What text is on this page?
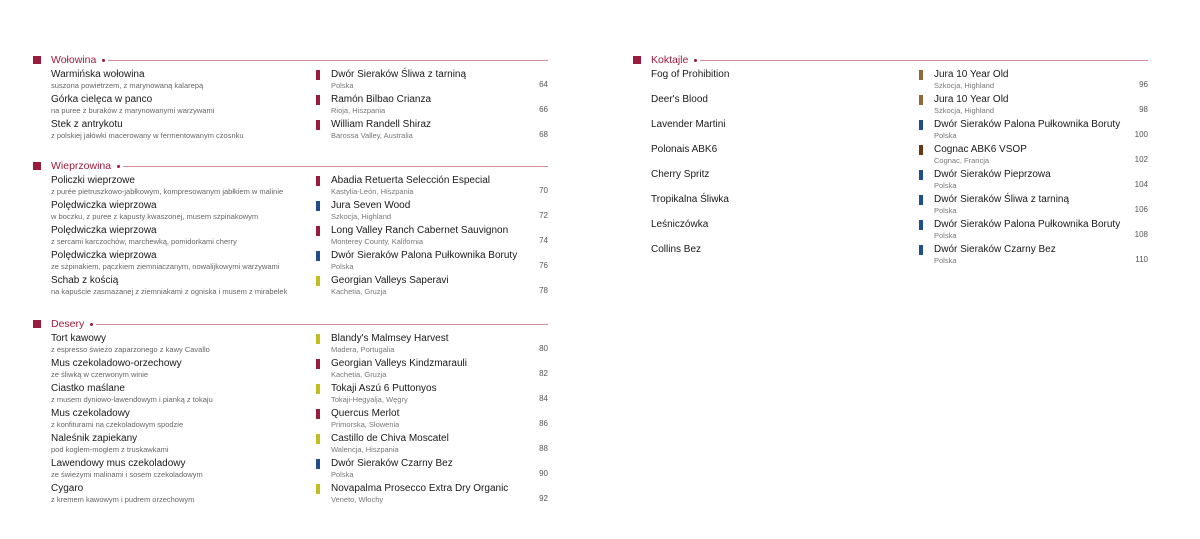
Wołowina
Warmińska wołowina
suszona powietrzem, z marynowaną kalarepą
Dwór Sieraków Śliwa z tarniną
Polska	64
Górka cielęca w panco
na puree z buraków z marynowanymi warzywami
Ramón Bilbao Crianza
Rioja, Hiszpania	66
Stek z antrykotu
z polskiej jałówki macerowany w fermentowanym czosnku
William Randell Shiraz
Barossa Valley, Australia	68
Wieprzowina
Policzki wieprzowe
z purée pietruszkowo-jabłkowym, kompresowanym jabłkiem w malinie
Abadia Retuerta Selección Especial
Kastylia-León, Hiszpania	70
Polędwiczka wieprzowa
w boczku, z puree z kapusty kwaszonej, musem szpinakowym
Jura Seven Wood
Szkocja, Highland	72
Polędwiczka wieprzowa
z sercami karczochów, marchewką, pomidorkami cherry
Long Valley Ranch Cabernet Sauvignon
Monterey County, Kalifornia	74
Polędwiczka wieprzowa
ze szpinakiem, pączkiem ziemniaczanym, nowalijkowymi warzywami
Dwór Sieraków Palona Pułkownika Boruty
Polska	76
Schab z kością
na kapuście zasmażanej z ziemniakami z ogniska i musem z mirabelek
Georgian Valleys Saperavi
Kachetia, Gruzja	78
Desery
Tort kawowy
z espresso świeżo zaparzonego z kawy Cavallo
Blandy's Malmsey Harvest
Madera, Portugalia	80
Mus czekoladowo-orzechowy
ze śliwką w czerwonym winie
Georgian Valleys Kindzmarauli
Kachetia, Gruzja	82
Ciastko maślane
z musem dyniowo-lawendowym i pianką z tokaju
Tokaji Aszú 6 Puttonyos
Tokaji-Hegyalja, Węgry	84
Mus czekoladowy
z konfiturami na czekoladowym spodzie
Quercus Merlot
Primorska, Słowenia	86
Naleśnik zapiekany
pod koglem-moglem z truskawkami
Castillo de Chiva Moscatel
Walencja, Hiszpania	88
Lawendowy mus czekoladowy
ze świeżymi malinami i sosem czekoladowym
Dwór Sieraków Czarny Bez
Polska	90
Cygaro
z kremem kawowym i pudrem orzechowym
Novapalma Prosecco Extra Dry Organic
Veneto, Włochy	92
Koktajle
Fog of Prohibition	Jura 10 Year Old
Szkocja, Highland	96
Deer's Blood	Jura 10 Year Old
Szkocja, Highland	98
Lavender Martini	Dwór Sieraków Palona Pułkownika Boruty
Polska	100
Polonais ABK6	Cognac ABK6 VSOP
Cognac, Francja	102
Cherry Spritz	Dwór Sieraków Pieprzowa
Polska	104
Tropikalna Śliwka	Dwór Sieraków Śliwa z tarniną
Polska	106
Leśniczówka	Dwór Sieraków Palona Pułkownika Boruty
Polska	108
Collins Bez	Dwór Sieraków Czarny Bez
Polska	110
